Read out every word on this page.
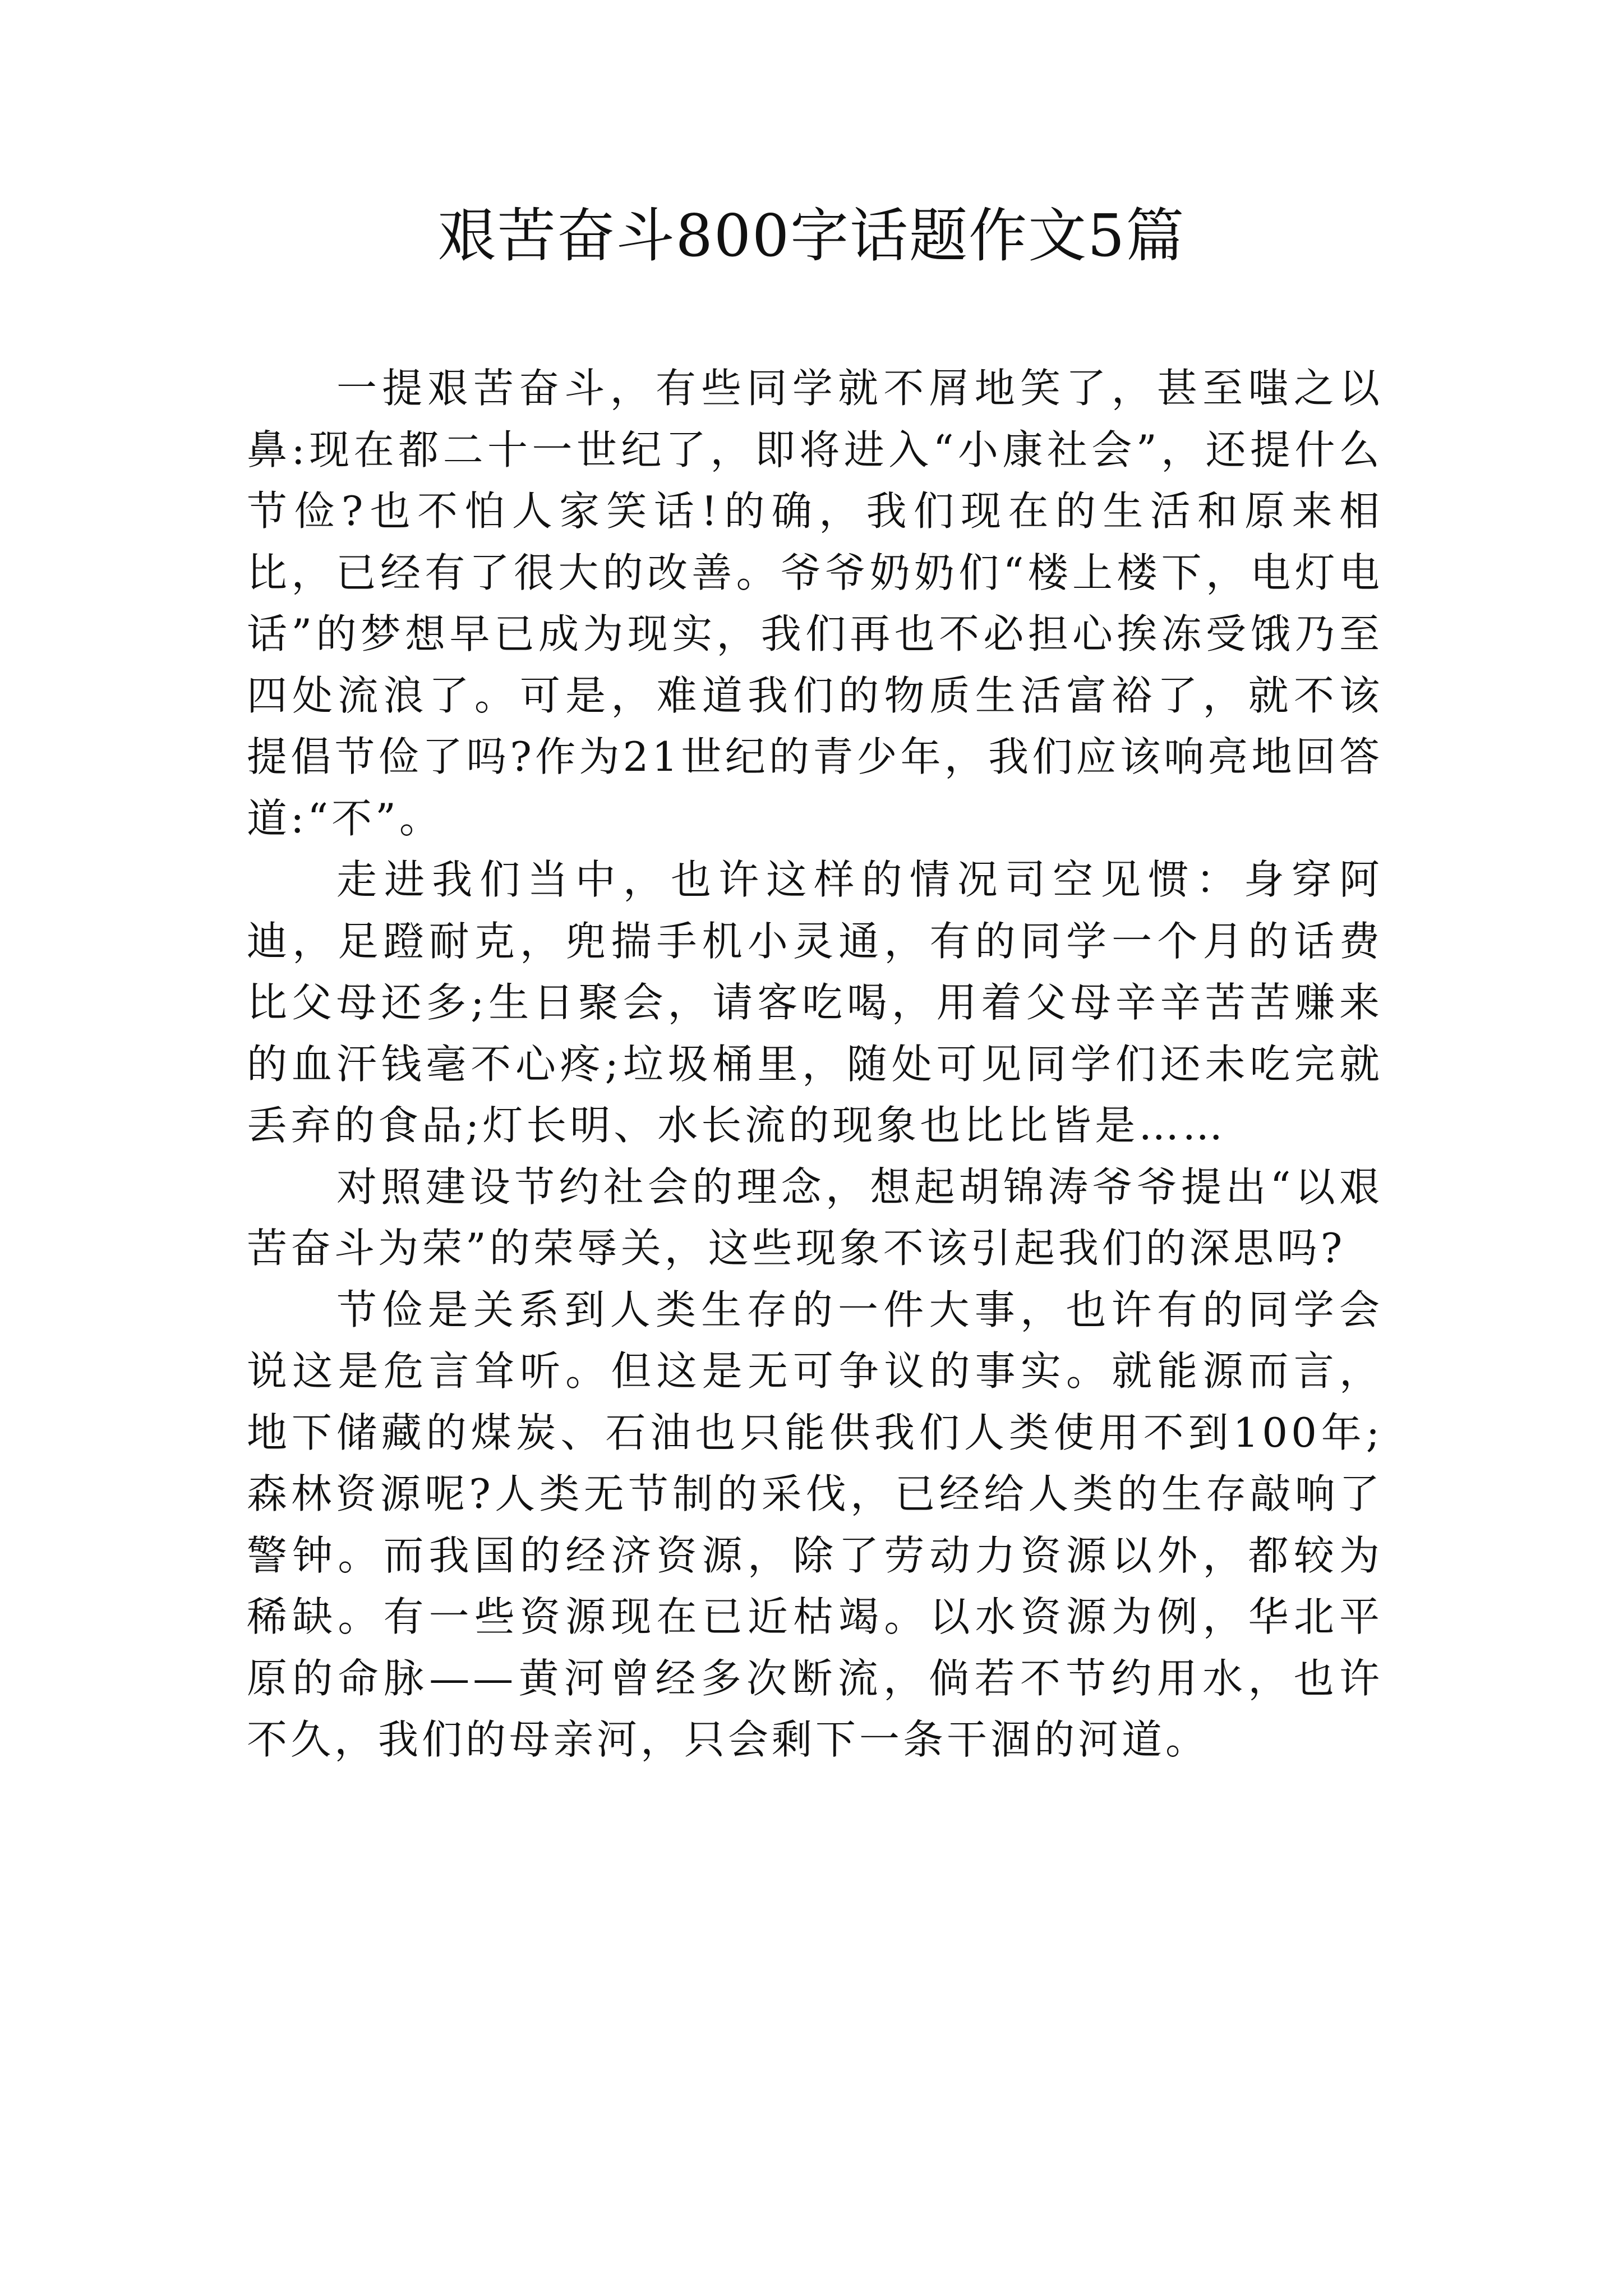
艰苦奋斗800字话题作文5篇

一提艰苦奋斗，有些同学就不屑地笑了，甚至嗤之以鼻:现在都二十一世纪了，即将进入“小康社会”，还提什么节俭?也不怕人家笑话!的确，我们现在的生活和原来相比，已经有了很大的改善。爷爷奶奶们“楼上楼下，电灯电话”的梦想早已成为现实，我们再也不必担心挨冻受饿乃至四处流浪了。可是，难道我们的物质生活富裕了，就不该提倡节俭了吗?作为21世纪的青少年，我们应该响亮地回答道:“不”。

走进我们当中，也许这样的情况司空见惯：身穿阿迪，足蹬耐克，兜揣手机小灵通，有的同学一个月的话费比父母还多;生日聚会，请客吃喝，用着父母辛辛苦苦赚来的血汗钱毫不心疼;垃圾桶里，随处可见同学们还未吃完就丢弃的食品;灯长明、水长流的现象也比比皆是……

对照建设节约社会的理念，想起胡锦涛爷爷提出“以艰苦奋斗为荣”的荣辱关，这些现象不该引起我们的深思吗?

节俭是关系到人类生存的一件大事，也许有的同学会说这是危言耸听。但这是无可争议的事实。就能源而言，地下储藏的煤炭、石油也只能供我们人类使用不到100年;森林资源呢?人类无节制的采伐，已经给人类的生存敲响了警钟。而我国的经济资源，除了劳动力资源以外，都较为稀缺。有一些资源现在已近枯竭。以水资源为例，华北平原的命脉——黄河曾经多次断流，倘若不节约用水，也许不久，我们的母亲河，只会剩下一条干涸的河道。
